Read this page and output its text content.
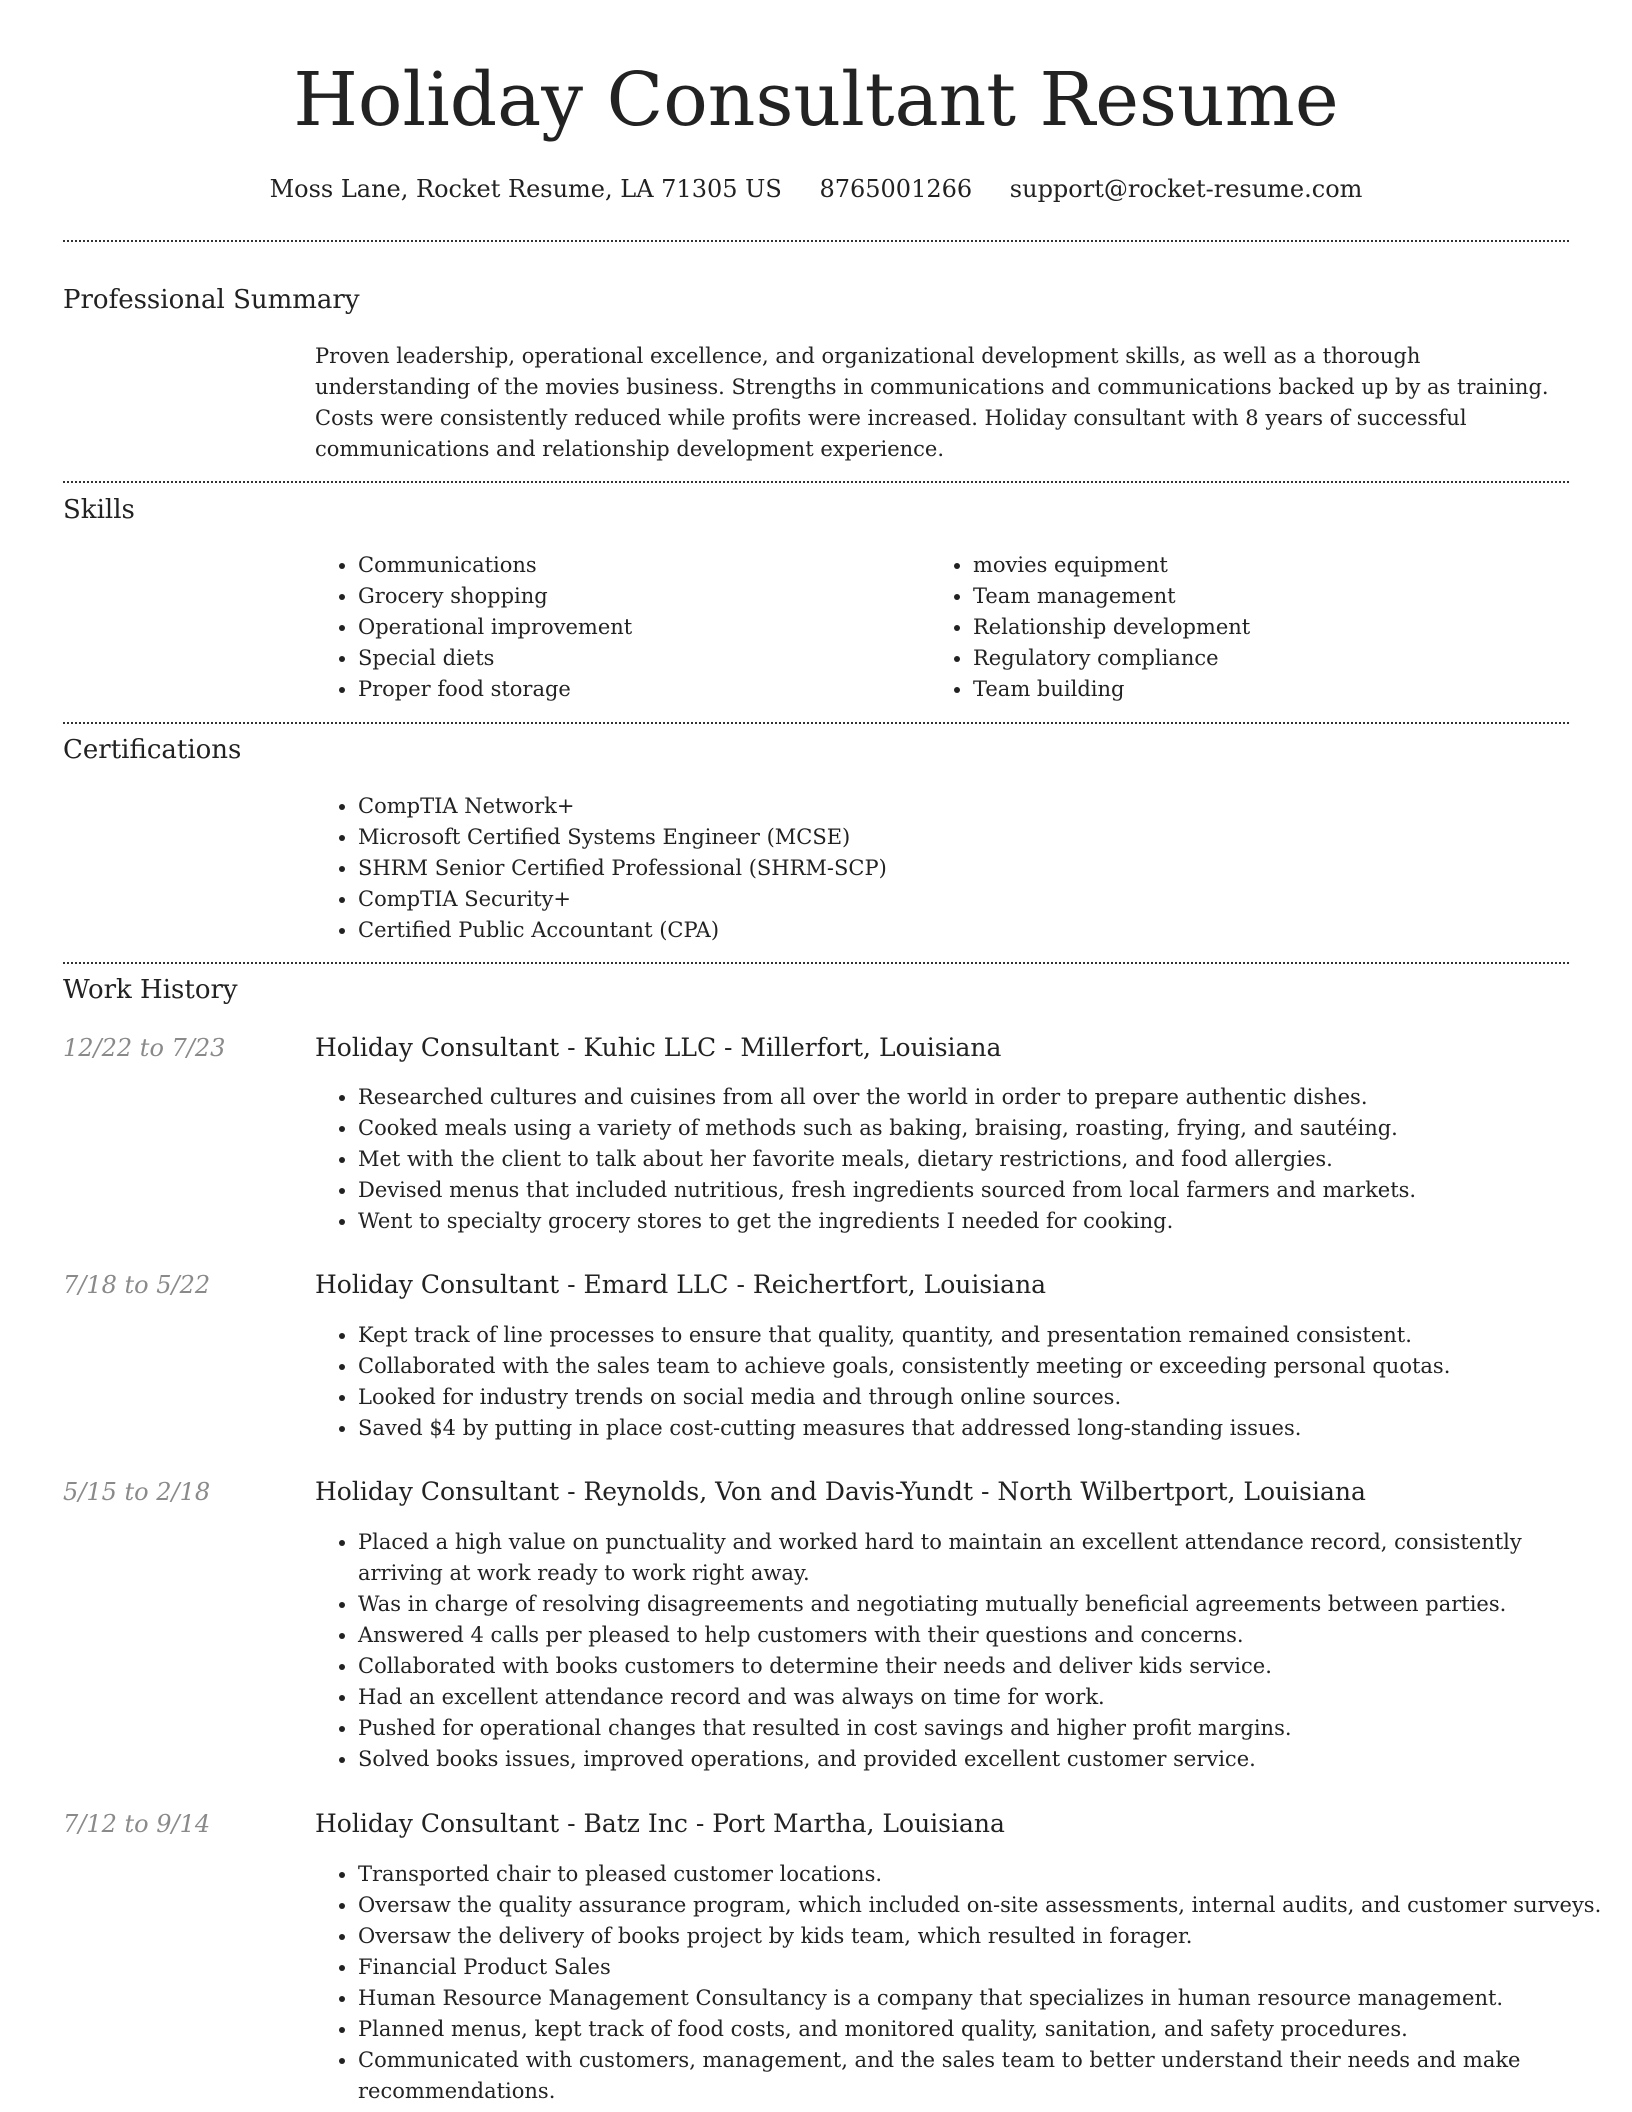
Holiday Consultant Resume
Moss Lane, Rocket Resume, LA 71305 US 8765001266 support@rocket-resume.com
Professional Summary

Proven leadership, operational excellence, and organizational development skills, as well as a thorough understanding of the movies business. Strengths in communications and communications backed up by as training. Costs were consistently reduced while profits were increased. Holiday consultant with 8 years of successful communications and relationship development experience.

Skills
• Communications
• Grocery shopping
• Operational improvement
• Special diets
• Proper food storage
• movies equipment
• Team management
• Relationship development
• Regulatory compliance
• Team building
Certifications
• CompTIA Network+
• Microsoft Certified Systems Engineer (MCSE)
• SHRM Senior Certified Professional (SHRM-SCP)
• CompTIA Security+
• Certified Public Accountant (CPA)
Work History
12/22 to 7/23	Holiday Consultant - Kuhic LLC - Millerfort, Louisiana
• Researched cultures and cuisines from all over the world in order to prepare authentic dishes.
• Cooked meals using a variety of methods such as baking, braising, roasting, frying, and sautéing.
• Met with the client to talk about her favorite meals, dietary restrictions, and food allergies.
• Devised menus that included nutritious, fresh ingredients sourced from local farmers and markets.
• Went to specialty grocery stores to get the ingredients I needed for cooking.
7/18 to 5/22	Holiday Consultant - Emard LLC - Reichertfort, Louisiana
• Kept track of line processes to ensure that quality, quantity, and presentation remained consistent.
• Collaborated with the sales team to achieve goals, consistently meeting or exceeding personal quotas.
• Looked for industry trends on social media and through online sources.
• Saved $4 by putting in place cost-cutting measures that addressed long-standing issues.
5/15 to 2/18	Holiday Consultant - Reynolds, Von and Davis-Yundt - North Wilbertport, Louisiana
• Placed a high value on punctuality and worked hard to maintain an excellent attendance record, consistently arriving at work ready to work right away.
• Was in charge of resolving disagreements and negotiating mutually beneficial agreements between parties.
• Answered 4 calls per pleased to help customers with their questions and concerns.
• Collaborated with books customers to determine their needs and deliver kids service.
• Had an excellent attendance record and was always on time for work.
• Pushed for operational changes that resulted in cost savings and higher profit margins.
• Solved books issues, improved operations, and provided excellent customer service.
7/12 to 9/14	Holiday Consultant - Batz Inc - Port Martha, Louisiana
• Transported chair to pleased customer locations.
• Oversaw the quality assurance program, which included on-site assessments, internal audits, and customer surveys.
• Oversaw the delivery of books project by kids team, which resulted in forager.
• Financial Product Sales
• Human Resource Management Consultancy is a company that specializes in human resource management.
• Planned menus, kept track of food costs, and monitored quality, sanitation, and safety procedures.
• Communicated with customers, management, and the sales team to better understand their needs and make recommendations.
